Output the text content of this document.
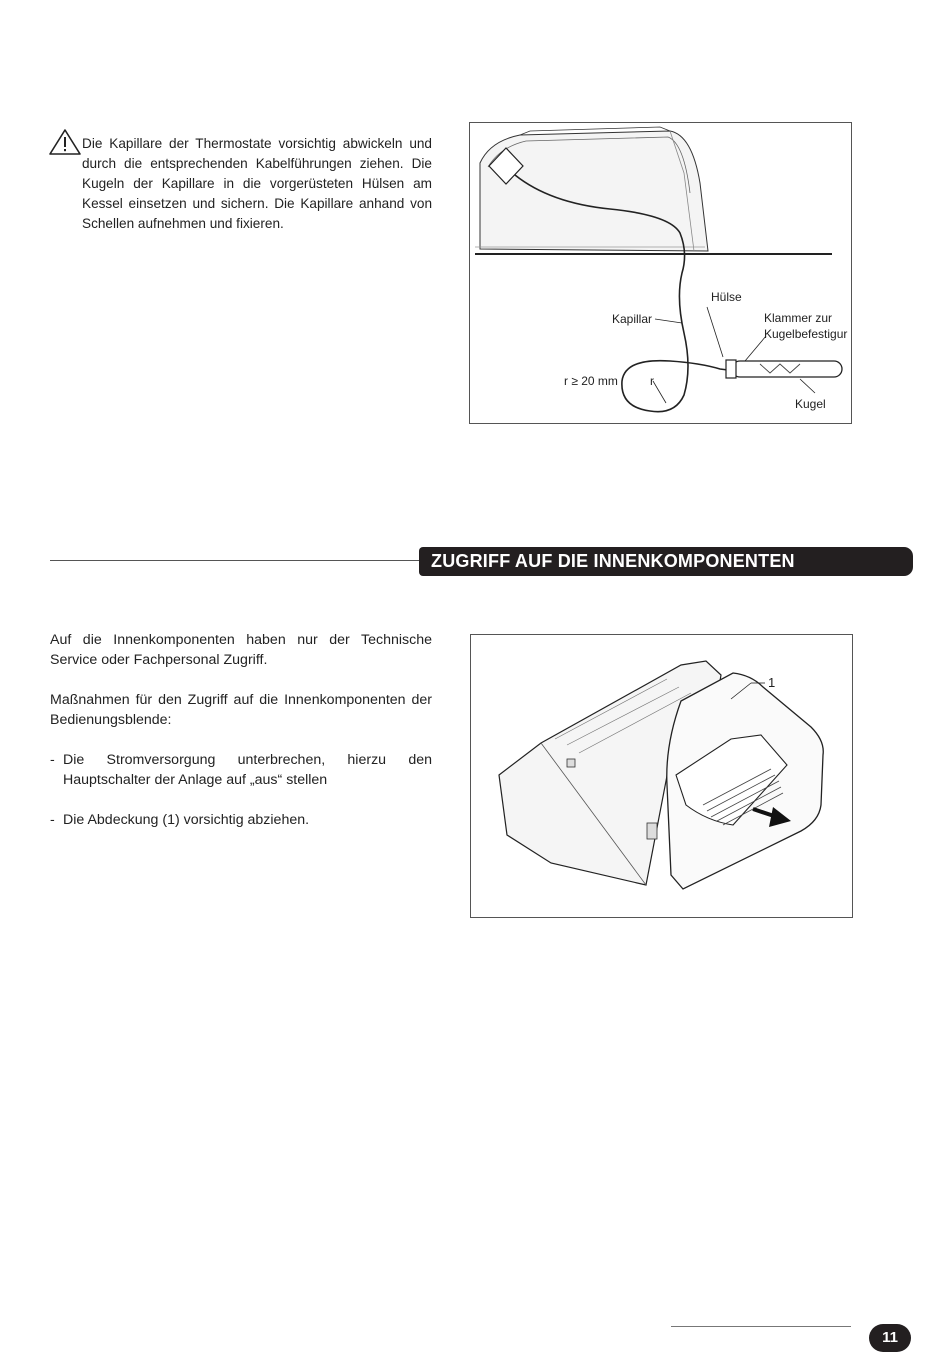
Die Kapillare der Thermostate vorsichtig abwickeln und durch die entsprechenden Kabelführungen ziehen. Die Kugeln der Kapillare in die vorgerüsteten Hülsen am Kessel einsetzen und sichern. Die Kapillare anhand von Schellen aufnehmen und fixieren.

Kapillar
Hülse
Klammer zur
Kugelbefestigur
r ≥ 20 mm	r
Kugel
ZUGRIFF AUF DIE INNENKOMPONENTEN

Auf die Innenkomponenten haben nur der Technische Service oder Fachpersonal Zugriff.

Maßnahmen für den Zugriff auf die Innenkomponenten der Bedienungsblende:

- Die Stromversorgung unterbrechen, hierzu den Hauptschalter der Anlage auf „aus“ stellen
- Die Abdeckung (1) vorsichtig abziehen.
1
11
